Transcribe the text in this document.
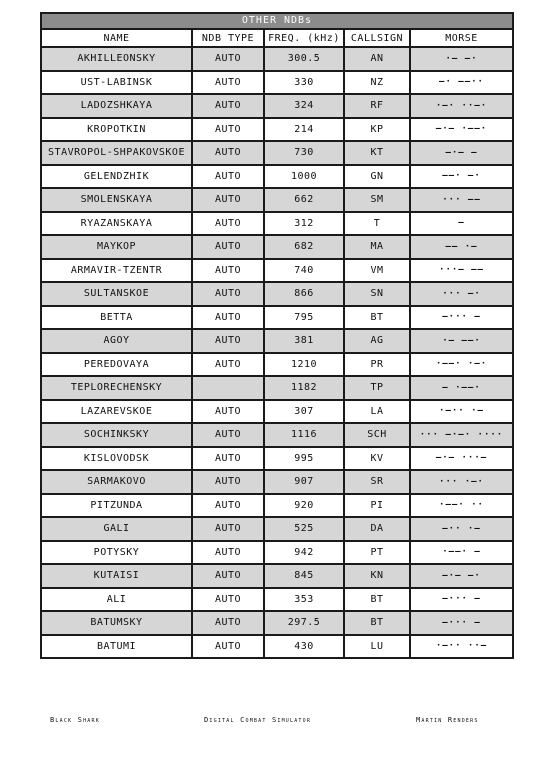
OTHER NDBs
NAME	NDB TYPE	FREQ. (kHz)	CALLSIGN	MORSE
AKHILLEONSKY	AUTO	300.5	AN	·– –·
UST-LABINSK	AUTO	330	NZ	–· ––··
LADOZSHKAYA	AUTO	324	RF	·–· ··–·
KROPOTKIN	AUTO	214	KP	–·– ·––·
STAVROPOL-SHPAKOVSKOE	AUTO	730	KT	–·– –
GELENDZHIK	AUTO	1000	GN	––· –·
SMOLENSKAYA	AUTO	662	SM	··· ––
RYAZANSKAYA	AUTO	312	T	–
MAYKOP	AUTO	682	MA	–– ·–
ARMAVIR-TZENTR	AUTO	740	VM	···– ––
SULTANSKOE	AUTO	866	SN	··· –·
BETTA	AUTO	795	BT	–··· –
AGOY	AUTO	381	AG	·– ––·
PEREDOVAYA	AUTO	1210	PR	·––· ·–·
TEPLORECHENSKY		1182	TP	– ·––·
LAZAREVSKOE	AUTO	307	LA	·–·· ·–
SOCHINKSKY	AUTO	1116	SCH	··· –·–· ····
KISLOVODSK	AUTO	995	KV	–·– ···–
SARMAKOVO	AUTO	907	SR	··· ·–·
PITZUNDA	AUTO	920	PI	·––· ··
GALI	AUTO	525	DA	–·· ·–
POTYSKY	AUTO	942	PT	·––· –
KUTAISI	AUTO	845	KN	–·– –·
ALI	AUTO	353	BT	–··· –
BATUMSKY	AUTO	297.5	BT	–··· –
BATUMI	AUTO	430	LU	·–·· ··–
Black Shark	Digital Combat Simulator	Martin Renders
